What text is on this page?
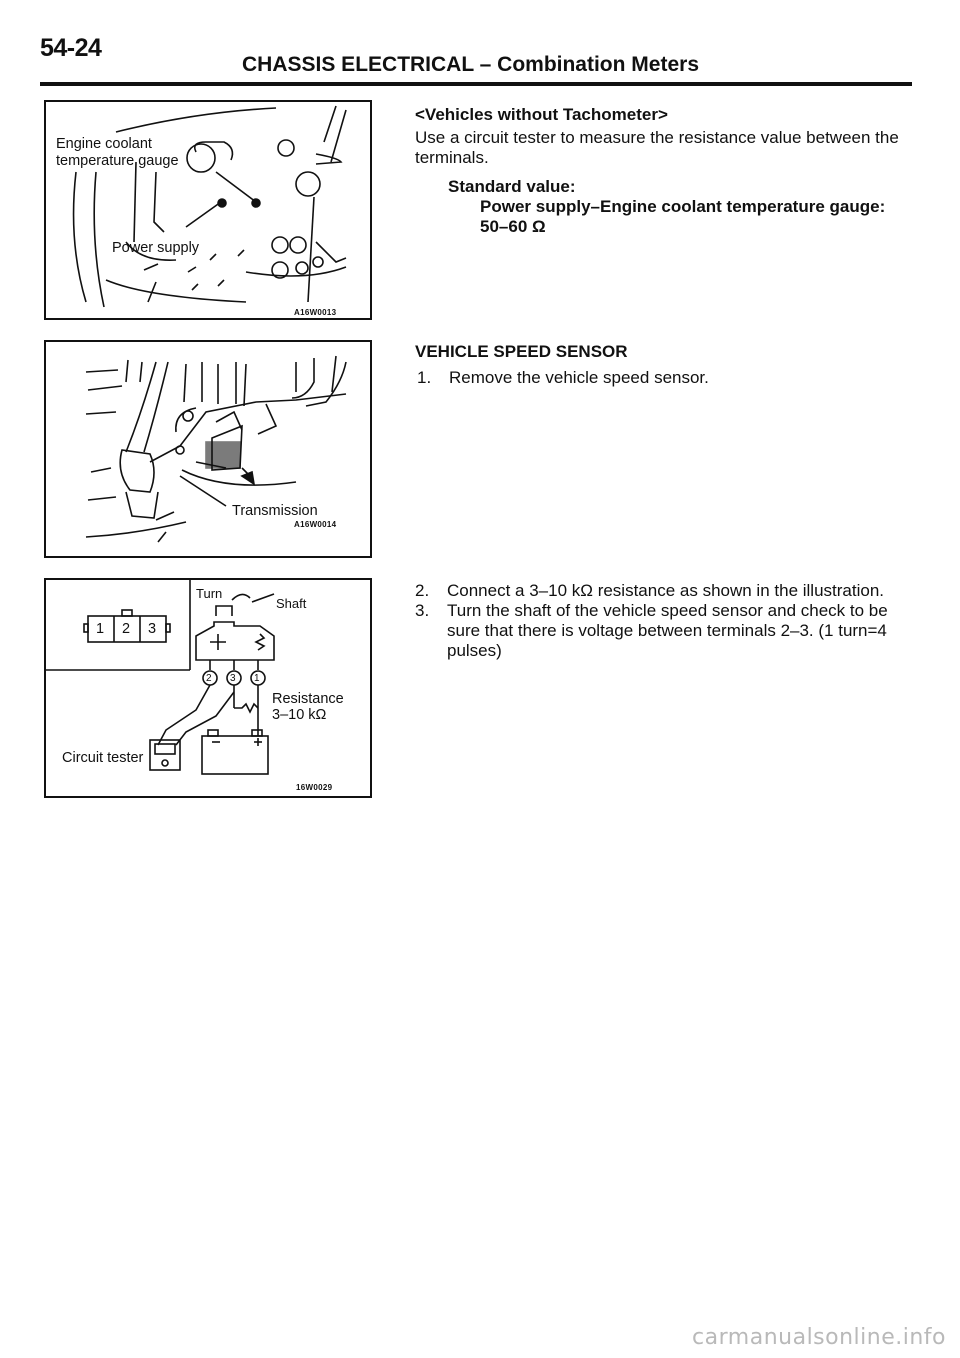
54-24
CHASSIS ELECTRICAL – Combination Meters
Engine coolant
temperature gauge
Power supply
A16W0013
Transmission
A16W0014
1 2 3
Turn
Shaft
2 3 1
Resistance
3–10 kΩ
Circuit tester
16W0029
<Vehicles without Tachometer>
Use a circuit tester to measure the resistance value between the terminals.
Standard value:
Power supply–Engine coolant temperature gauge:
50–60 Ω
VEHICLE SPEED SENSOR
1. Remove the vehicle speed sensor.
2. Connect a 3–10 kΩ resistance as shown in the illustration.
3. Turn the shaft of the vehicle speed sensor and check to be sure that there is voltage between terminals 2–3. (1 turn=4 pulses)
carmanualsonline.info
